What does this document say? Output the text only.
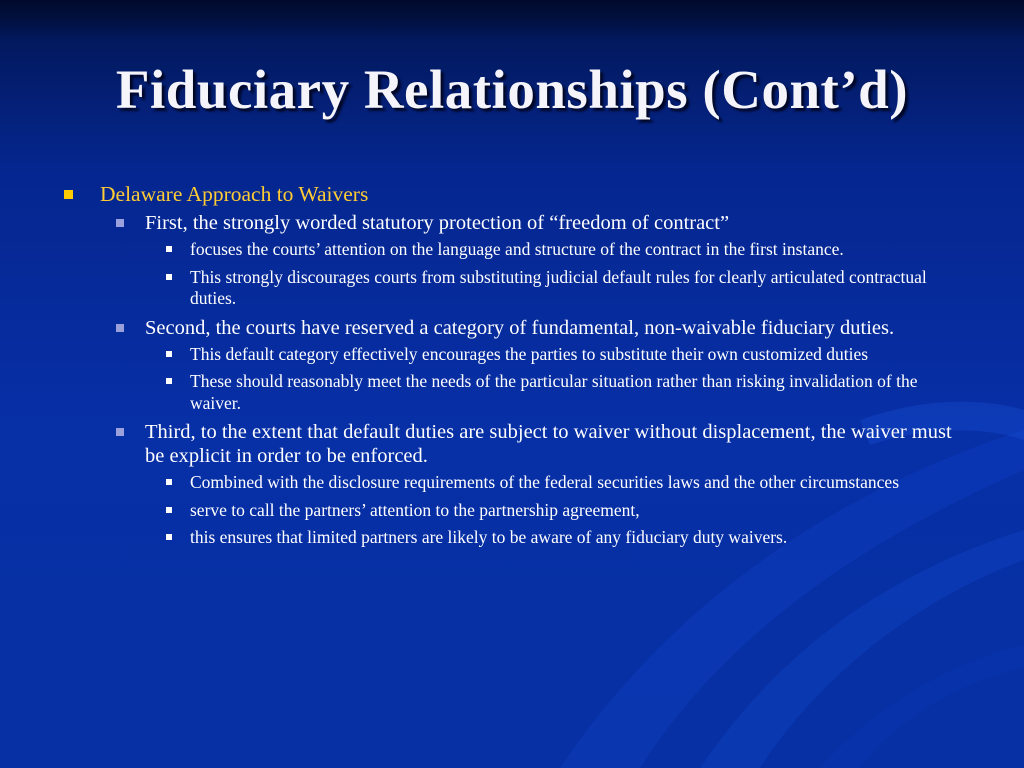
Fiduciary Relationships (Cont’d)
Delaware Approach to Waivers
First, the strongly worded statutory protection of “freedom of contract”
focuses the courts’ attention on the language and structure of the contract in the first instance.
This strongly discourages courts from substituting judicial default rules for clearly articulated contractual duties.
Second, the courts have reserved a category of fundamental, non-waivable fiduciary duties.
This default category effectively encourages the parties to substitute their own customized duties
These should reasonably meet the needs of the particular situation rather than risking invalidation of the waiver.
Third, to the extent that default duties are subject to waiver without displacement, the waiver must be explicit in order to be enforced.
Combined with the disclosure requirements of the federal securities laws and the other circumstances
serve to call the partners’ attention to the partnership agreement,
this ensures that limited partners are likely to be aware of any fiduciary duty waivers.
